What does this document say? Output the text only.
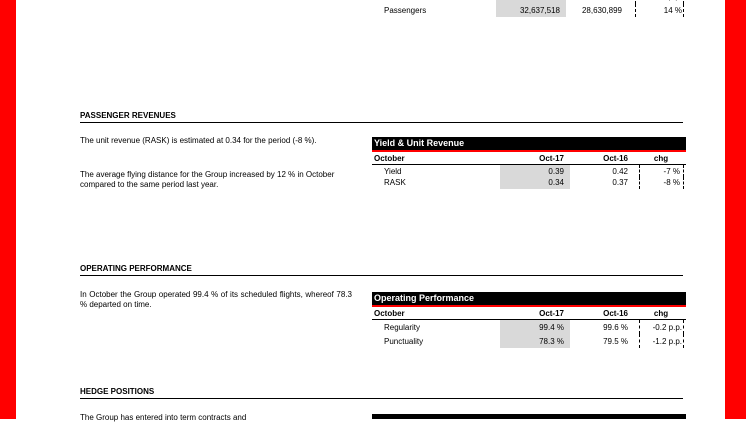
Passengers	32,637,518	28,630,899	14 %
PASSENGER REVENUES
The unit revenue (RASK) is estimated at 0.34 for the period (-8 %).
The average flying distance for the Group increased by 12 % in October compared to the same period last year.
Yield & Unit Revenue
October	Oct-17	Oct-16	chg
Yield	0.39	0.42	-7 %
RASK	0.34	0.37	-8 %
OPERATING PERFORMANCE
In October the Group operated 99.4 % of its scheduled flights, whereof 78.3 % departed on time.
Operating Performance
October	Oct-17	Oct-16	chg
Regularity	99.4 %	99.6 %	-0.2 p.p.
Punctuality	78.3 %	79.5 %	-1.2 p.p.
HEDGE POSITIONS
The Group has entered into term contracts and
